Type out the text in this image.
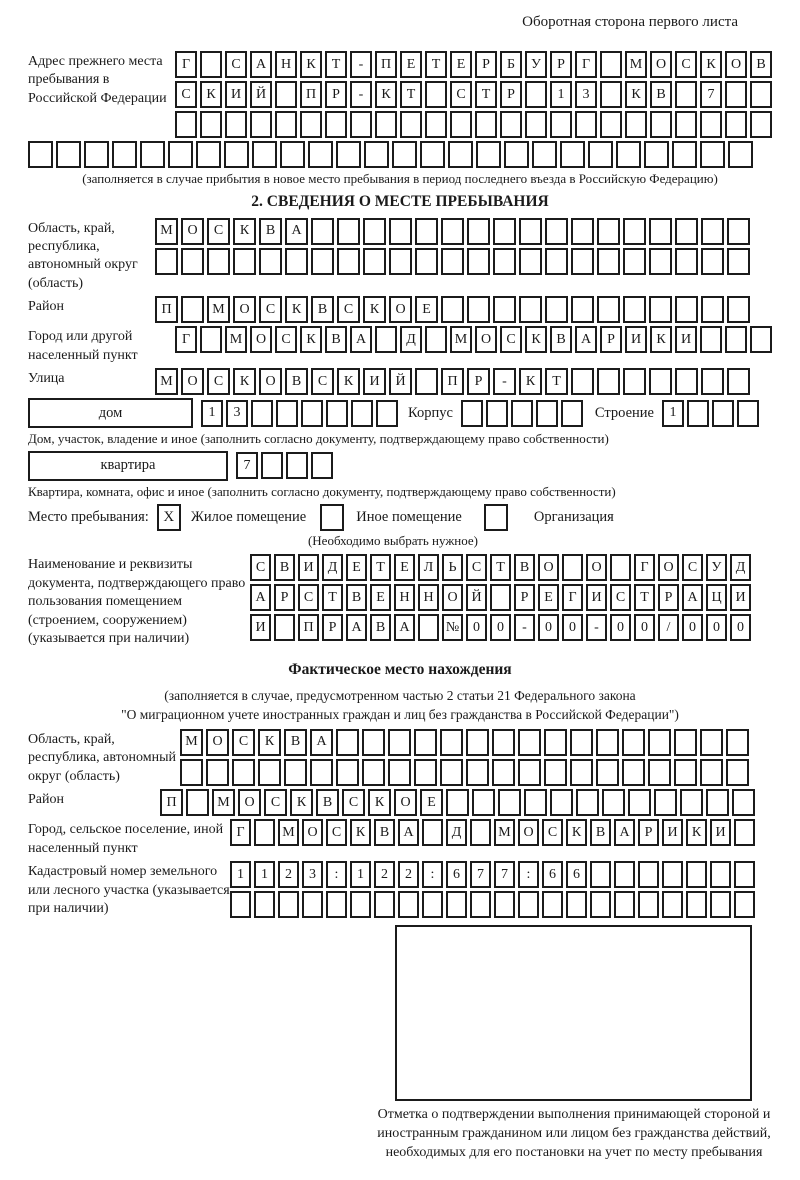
Оборотная сторона первого листа
Адрес прежнего места пребывания в Российской Федерации
Г	С	А	Н	К	Т	-	П	Е	Т	Е	Р	Б	У	Р	Г	М О	С	К	О	В
С	К	И	Й	П	Р	-	К	Т	С	Т	Р	1	3	К	В	7
(заполняется в случае прибытия в новое место пребывания в период последнего въезда в Российскую Федерацию)
2. СВЕДЕНИЯ О МЕСТЕ ПРЕБЫВАНИЯ
Область, край, республика, автономный округ (область)
М	О	С	К	В	А
Район	П	М	О	С	К	В	С	К	О	Е
Город или другой населенный пункт
Г	М О	С	К	В	А	Д	М О	С	К	В	А	Р	И	К	И
Улица	М	О	С	К	О	В	С	К	И	Й	П	Р	-	К	Т
дом	1	3	Корпус	Строение	1
Дом, участок, владение и иное (заполнить согласно документу, подтверждающему право собственности)
квартира	7
Квартира, комната, офис и иное (заполнить согласно документу, подтверждающему право собственности)
Место пребывания: X	Жилое помещение	Иное помещение	Организация
(Необходимо выбрать нужное)
Наименование и реквизиты документа, подтверждающего право пользования помещением (строением, сооружением) (указывается при наличии)
С	В	И	Д	Е	Т	Е	Л	Ь	С	Т	В	О	О	Г	О	С	У	Д
А	Р	С	Т	В	Е	Н Н О Й	Р	Е	Г	И	С	Т	Р	А Ц И
И	П	Р	А	В	А	№ 0	0	-	0	0	-	0	0	/	0	0	0
Фактическое место нахождения
(заполняется в случае, предусмотренном частью 2 статьи 21 Федерального закона
"О миграционном учете иностранных граждан и лиц без гражданства в Российской Федерации")
Область, край, республика, автономный округ (область)
М	О	С	К	В	А
Район	П	М	О	С	К	В	С	К	О	Е
Город, сельское поселение, иной населенный пункт
Г	М О	С	К	В	А	Д	М О	С	К	В	А	Р	И	К	И
Кадастровый номер земельного или лесного участка (указывается при наличии)
1	1	2	3	:	1	2	2	:	6	7	7	:	6	6
Отметка о подтверждении выполнения принимающей стороной и иностранным гражданином или лицом без гражданства действий, необходимых для его постановки на учет по месту пребывания
